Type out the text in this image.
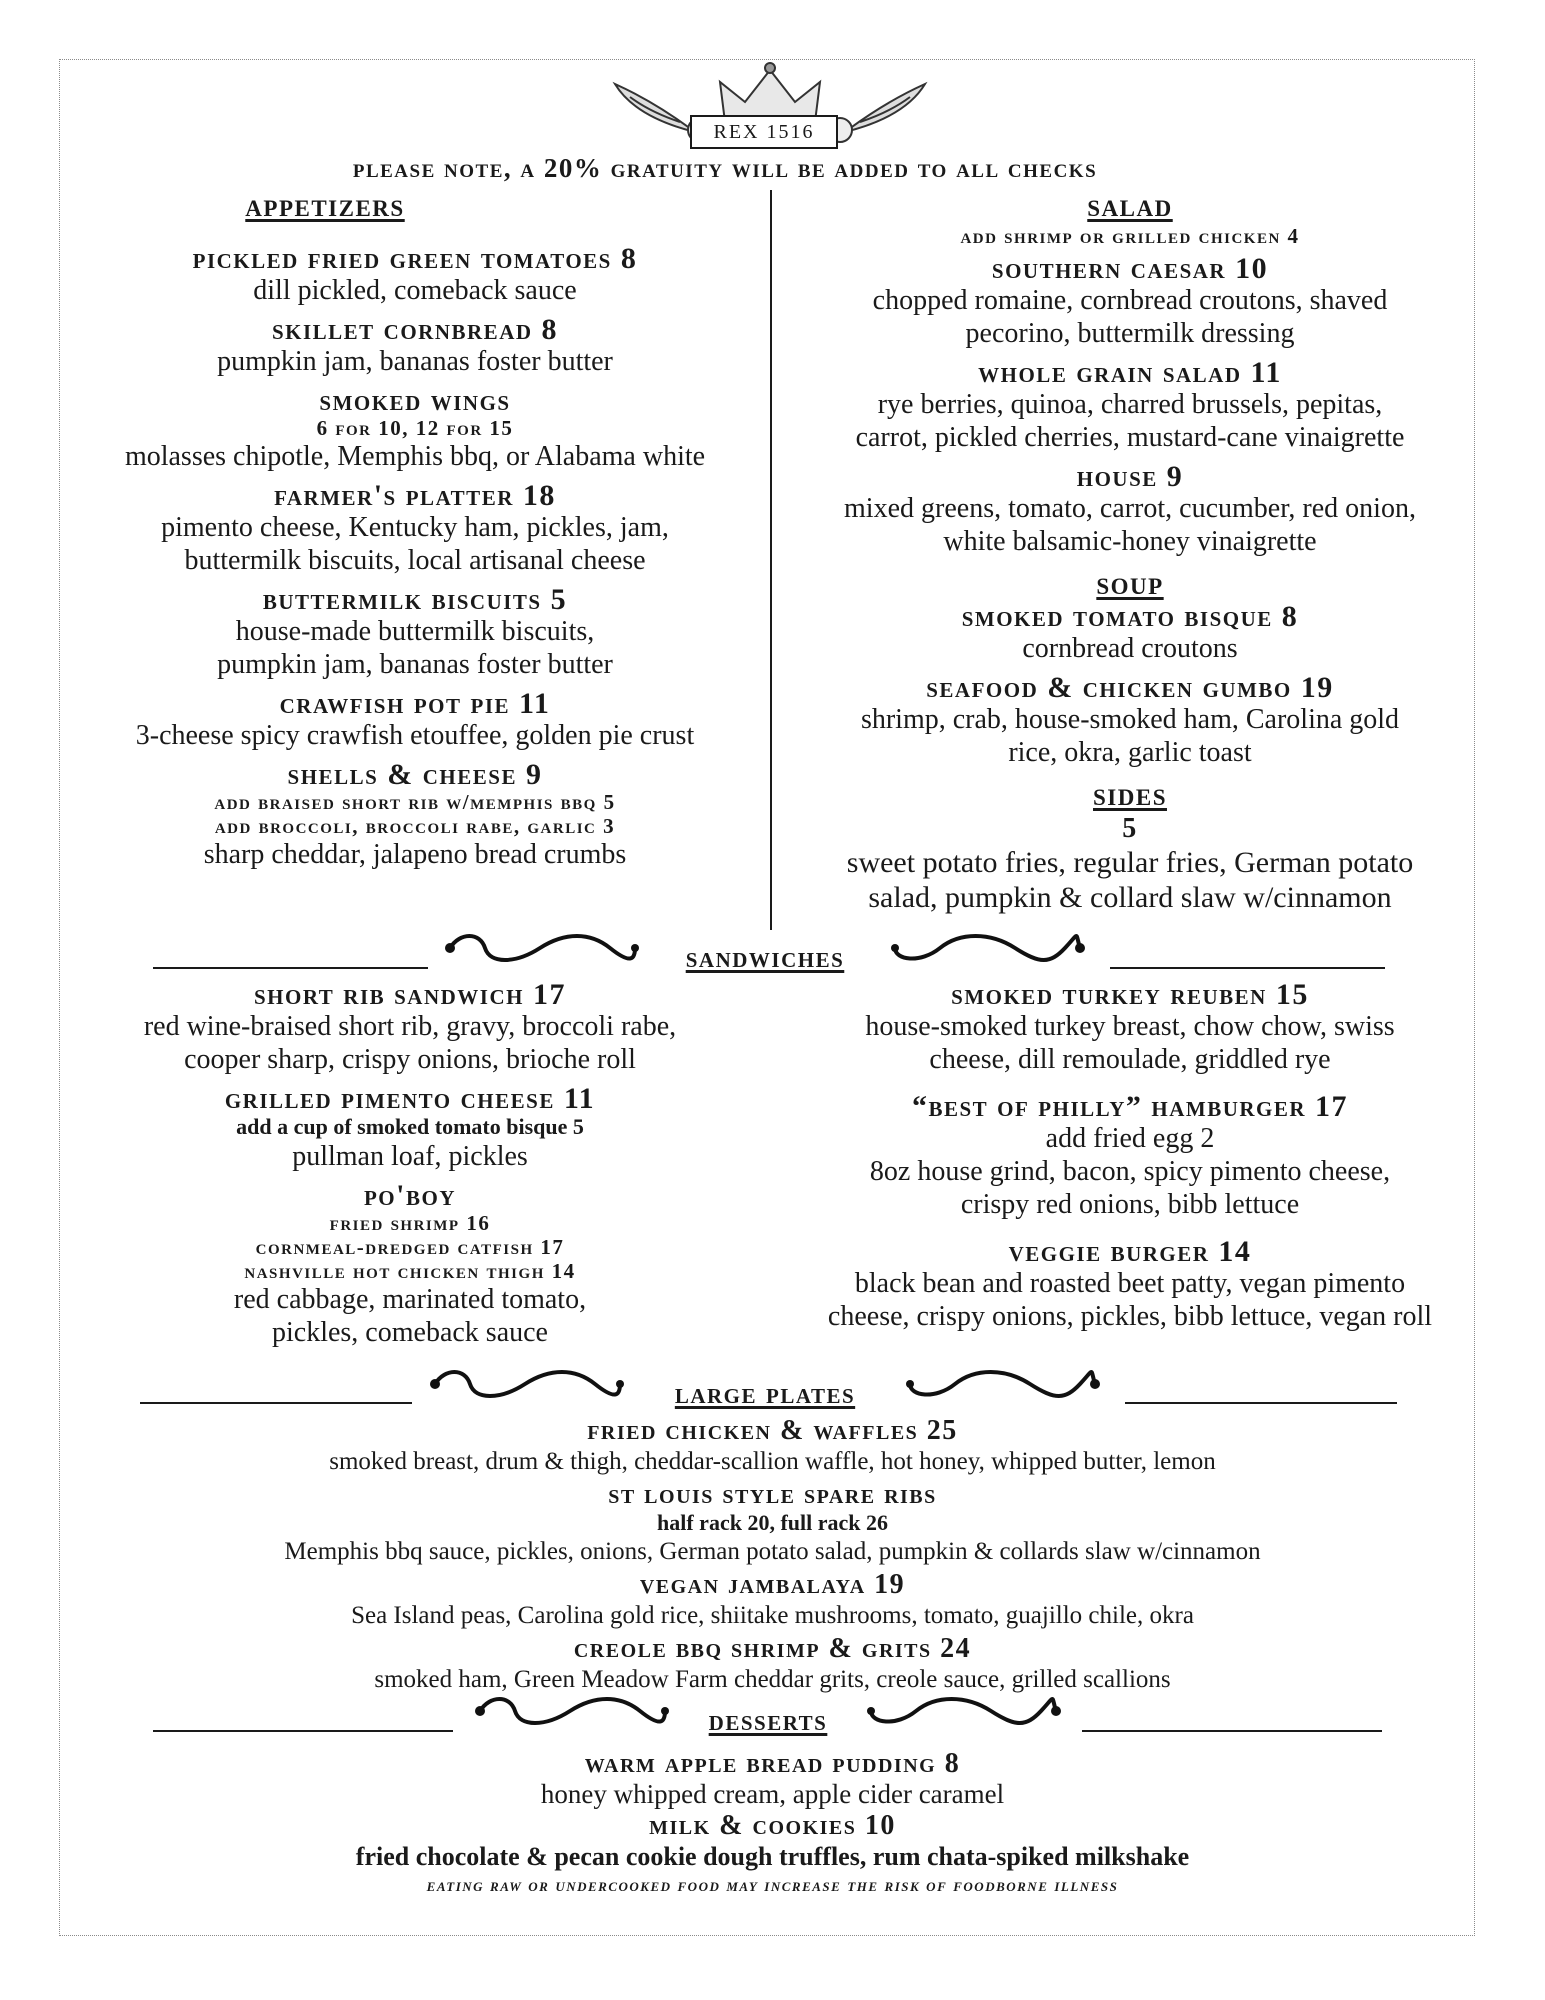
REX 1516
please note, a 20% gratuity will be added to all checks
appetizers
pickled fried green tomatoes 8
dill pickled, comeback sauce
skillet cornbread 8
pumpkin jam, bananas foster butter
smoked wings
6 for 10, 12 for 15
molasses chipotle, Memphis bbq, or Alabama white
farmer's platter 18
pimento cheese, Kentucky ham, pickles, jam,
buttermilk biscuits, local artisanal cheese
buttermilk biscuits 5
house-made buttermilk biscuits,
pumpkin jam, bananas foster butter
crawfish pot pie 11
3-cheese spicy crawfish etouffee, golden pie crust
shells & cheese 9
add braised short rib w/memphis bbq 5
add broccoli, broccoli rabe, garlic 3
sharp cheddar, jalapeno bread crumbs
salad
add shrimp or grilled chicken 4
southern caesar 10
chopped romaine, cornbread croutons, shaved
pecorino, buttermilk dressing
whole grain salad 11
rye berries, quinoa, charred brussels, pepitas,
carrot, pickled cherries, mustard-cane vinaigrette
house 9
mixed greens, tomato, carrot, cucumber, red onion,
white balsamic-honey vinaigrette
soup
smoked tomato bisque 8
cornbread croutons
seafood & chicken gumbo 19
shrimp, crab, house-smoked ham, Carolina gold
rice, okra, garlic toast
sides
5
sweet potato fries, regular fries, German potato
salad, pumpkin & collard slaw w/cinnamon
sandwiches
short rib sandwich 17
red wine-braised short rib, gravy, broccoli rabe,
cooper sharp, crispy onions, brioche roll
grilled pimento cheese 11
add a cup of smoked tomato bisque 5
pullman loaf, pickles
po'boy
fried shrimp 16
cornmeal-dredged catfish 17
nashville hot chicken thigh 14
red cabbage, marinated tomato,
pickles, comeback sauce
smoked turkey reuben 15
house-smoked turkey breast, chow chow, swiss
cheese, dill remoulade, griddled rye
“best of philly” hamburger 17
add fried egg 2
8oz house grind, bacon, spicy pimento cheese,
crispy red onions, bibb lettuce
veggie burger 14
black bean and roasted beet patty, vegan pimento
cheese, crispy onions, pickles, bibb lettuce, vegan roll
large plates
fried chicken & waffles 25
smoked breast, drum & thigh, cheddar-scallion waffle, hot honey, whipped butter, lemon
st louis style spare ribs
half rack 20, full rack 26
Memphis bbq sauce, pickles, onions, German potato salad, pumpkin & collards slaw w/cinnamon
vegan jambalaya 19
Sea Island peas, Carolina gold rice, shiitake mushrooms, tomato, guajillo chile, okra
creole bbq shrimp & grits 24
smoked ham, Green Meadow Farm cheddar grits, creole sauce, grilled scallions
desserts
warm apple bread pudding 8
honey whipped cream, apple cider caramel
milk & cookies 10
fried chocolate & pecan cookie dough truffles, rum chata-spiked milkshake
eating raw or undercooked food may increase the risk of foodborne illness
